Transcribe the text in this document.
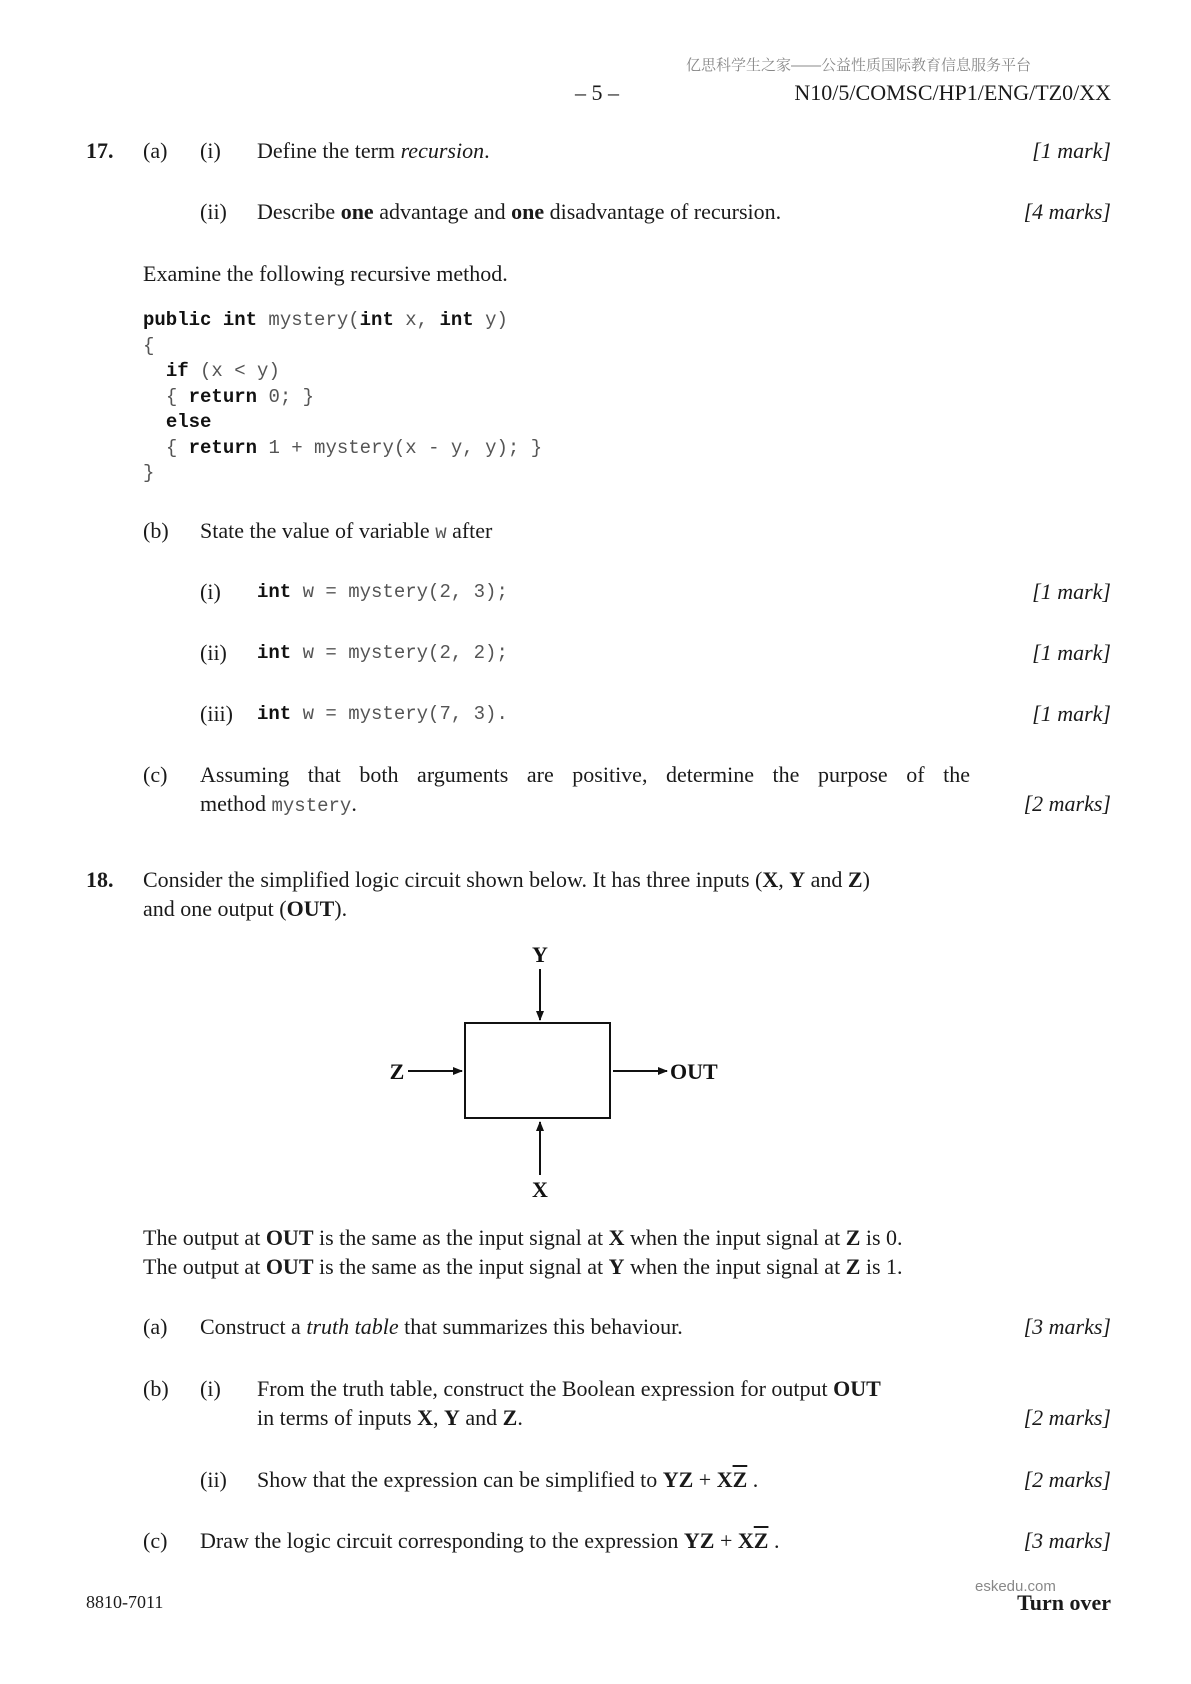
亿思科学生之家——公益性质国际教育信息服务平台
– 5 –	N10/5/COMSC/HP1/ENG/TZ0/XX
17. (a) (i) Define the term recursion.	[1 mark]
(ii) Describe one advantage and one disadvantage of recursion.	[4 marks]
Examine the following recursive method.
public int mystery(int x, int y)
{
if (x < y)
{ return 0; }
else
{ return 1 + mystery(x - y, y); }
}
(b) State the value of variable w after
(i) int w = mystery(2, 3);	[1 mark]
(ii) int w = mystery(2, 2);	[1 mark]
(iii) int w = mystery(7, 3).	[1 mark]
(c) Assuming that both arguments are positive, determine the purpose of the
method mystery.	[2 marks]
18. Consider the simplified logic circuit shown below. It has three inputs (X, Y and Z)
and one output (OUT).
Y
Z	OUT
X
The output at OUT is the same as the input signal at X when the input signal at Z is 0.
The output at OUT is the same as the input signal at Y when the input signal at Z is 1.
(a) Construct a truth table that summarizes this behaviour.	[3 marks]
(b) (i) From the truth table, construct the Boolean expression for output OUT
in terms of inputs X, Y and Z.	[2 marks]
(ii) Show that the expression can be simplified to YZ + $X\overline{Z}$ .	[2 marks]
(c) Draw the logic circuit corresponding to the expression YZ + $X\overline{Z}$ .	[3 marks]
8810-7011
eskedu.com
Turn over
